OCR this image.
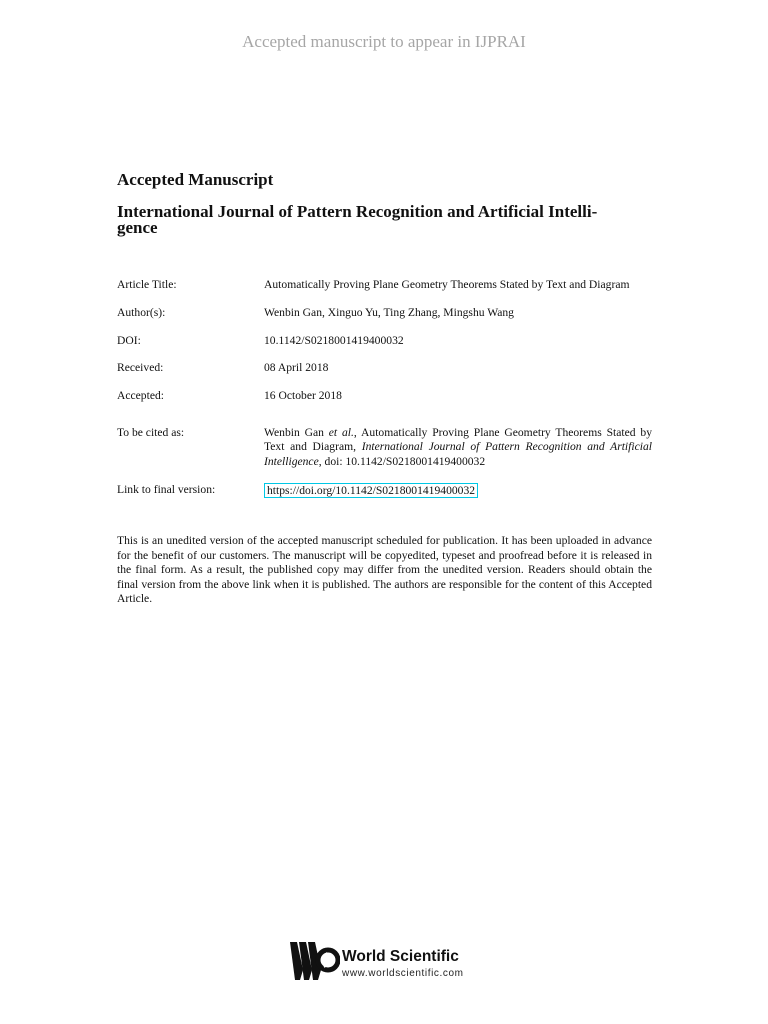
Accepted manuscript to appear in IJPRAI
Accepted Manuscript
International Journal of Pattern Recognition and Artificial Intelli-
gence
Article Title:	Automatically Proving Plane Geometry Theorems Stated by Text and Diagram
Author(s):	Wenbin Gan, Xinguo Yu, Ting Zhang, Mingshu Wang
DOI:	10.1142/S0218001419400032
Received:	08 April 2018
Accepted:	16 October 2018
To be cited as:	Wenbin Gan et al., Automatically Proving Plane Geometry Theorems Stated by Text and Diagram, International Journal of Pattern Recognition and Artificial Intelligence, doi: 10.1142/S0218001419400032
Link to final version:	https://doi.org/10.1142/S0218001419400032
This is an unedited version of the accepted manuscript scheduled for publication. It has been uploaded in advance for the benefit of our customers. The manuscript will be copyedited, typeset and proofread before it is released in the final form. As a result, the published copy may differ from the unedited version. Readers should obtain the final version from the above link when it is published. The authors are responsible for the content of this Accepted Article.
World Scientific
www.worldscientific.com
